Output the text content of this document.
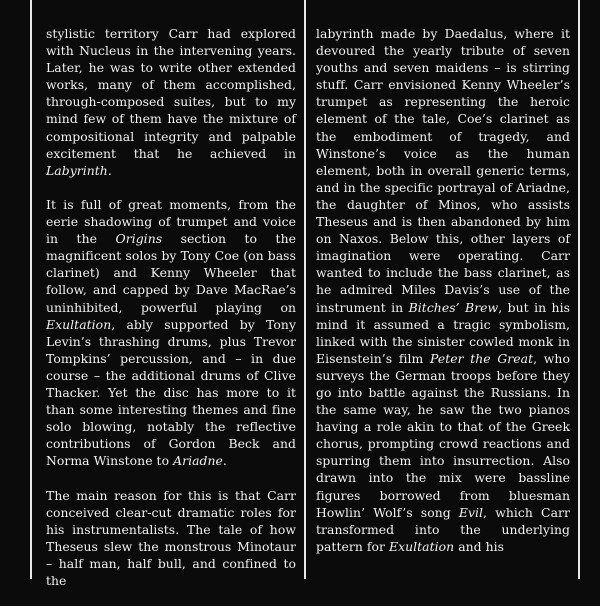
stylistic territory Carr had explored with Nucleus in the intervening years. Later, he was to write other extended works, many of them accomplished, through-composed suites, but to my mind few of them have the mixture of compositional integrity and palpable excitement that he achieved in Labyrinth.

It is full of great moments, from the eerie shadowing of trumpet and voice in the Origins section to the magnificent solos by Tony Coe (on bass clarinet) and Kenny Wheeler that follow, and capped by Dave MacRae’s uninhibited, powerful playing on Exultation, ably supported by Tony Levin’s thrashing drums, plus Trevor Tompkins’ percussion, and – in due course – the additional drums of Clive Thacker. Yet the disc has more to it than some interesting themes and fine solo blowing, notably the reflective contributions of Gordon Beck and Norma Winstone to Ariadne.

The main reason for this is that Carr conceived clear-cut dramatic roles for his instrumentalists. The tale of how Theseus slew the monstrous Minotaur – half man, half bull, and confined to the

labyrinth made by Daedalus, where it devoured the yearly tribute of seven youths and seven maidens – is stirring stuff. Carr envisioned Kenny Wheeler’s trumpet as representing the heroic element of the tale, Coe’s clarinet as the embodiment of tragedy, and Winstone’s voice as the human element, both in overall generic terms, and in the specific portrayal of Ariadne, the daughter of Minos, who assists Theseus and is then abandoned by him on Naxos. Below this, other layers of imagination were operating. Carr wanted to include the bass clarinet, as he admired Miles Davis’s use of the instrument in Bitches’ Brew, but in his mind it assumed a tragic symbolism, linked with the sinister cowled monk in Eisenstein’s film Peter the Great, who surveys the German troops before they go into battle against the Russians. In the same way, he saw the two pianos having a role akin to that of the Greek chorus, prompting crowd reactions and spurring them into insurrection. Also drawn into the mix were bassline figures borrowed from bluesman Howlin’ Wolf’s song Evil, which Carr transformed into the underlying pattern for Exultation and his
